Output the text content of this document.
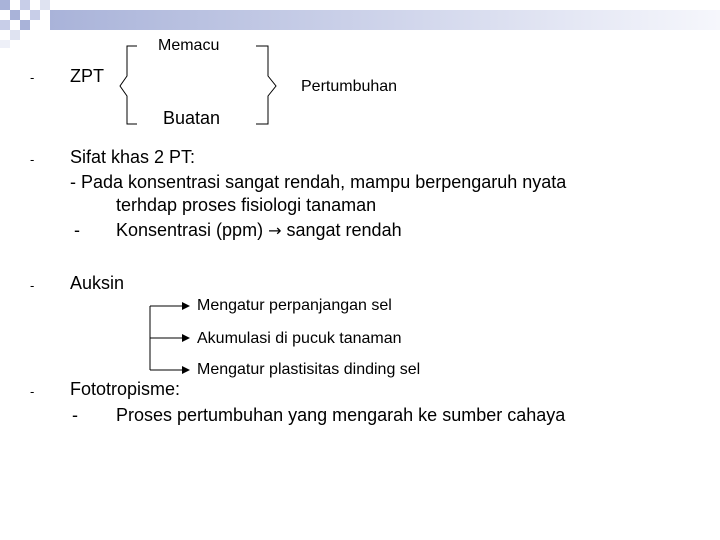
-
Memacu
ZPT
Pertumbuhan
Buatan
- Sifat khas 2 PT:
- Pada konsentrasi sangat rendah, mampu berpengaruh nyata
terhdap proses fisiologi tanaman
- Konsentrasi (ppm) → sangat rendah
- Auksin
Mengatur perpanjangan sel
Akumulasi di pucuk tanaman
Mengatur plastisitas dinding sel
- Fototropisme:
- Proses pertumbuhan yang mengarah ke sumber cahaya
